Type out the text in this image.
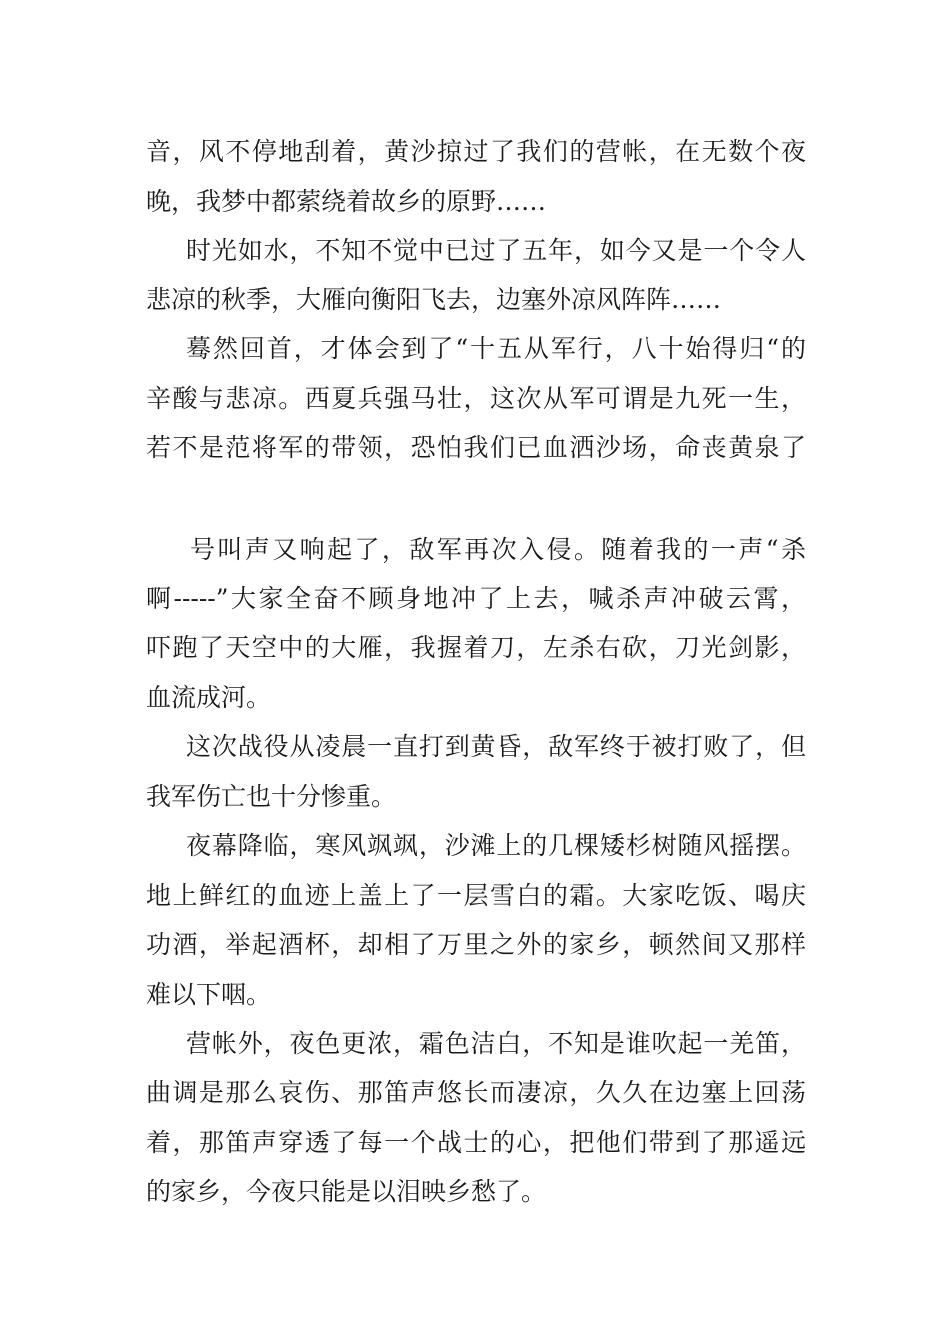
音，风不停地刮着，黄沙掠过了我们的营帐，在无数个夜
晚，我梦中都萦绕着故乡的原野……
时光如水，不知不觉中已过了五年，如今又是一个令人
悲凉的秋季，大雁向衡阳飞去，边塞外凉风阵阵……
蓦然回首，才体会到了“十五从军行，八十始得归“的
辛酸与悲凉。西夏兵强马壮，这次从军可谓是九死一生，
若不是范将军的带领，恐怕我们已血洒沙场，命丧黄泉了
号叫声又响起了，敌军再次入侵。随着我的一声“杀
啊-----”大家全奋不顾身地冲了上去，喊杀声冲破云霄，
吓跑了天空中的大雁，我握着刀，左杀右砍，刀光剑影，
血流成河。
这次战役从凌晨一直打到黄昏，敌军终于被打败了，但
我军伤亡也十分惨重。
夜幕降临，寒风飒飒，沙滩上的几棵矮杉树随风摇摆。
地上鲜红的血迹上盖上了一层雪白的霜。大家吃饭、喝庆
功酒，举起酒杯，却相了万里之外的家乡，顿然间又那样
难以下咽。
营帐外，夜色更浓，霜色洁白，不知是谁吹起一羌笛，
曲调是那么哀伤、那笛声悠长而凄凉，久久在边塞上回荡
着，那笛声穿透了每一个战士的心，把他们带到了那遥远
的家乡，今夜只能是以泪映乡愁了。
